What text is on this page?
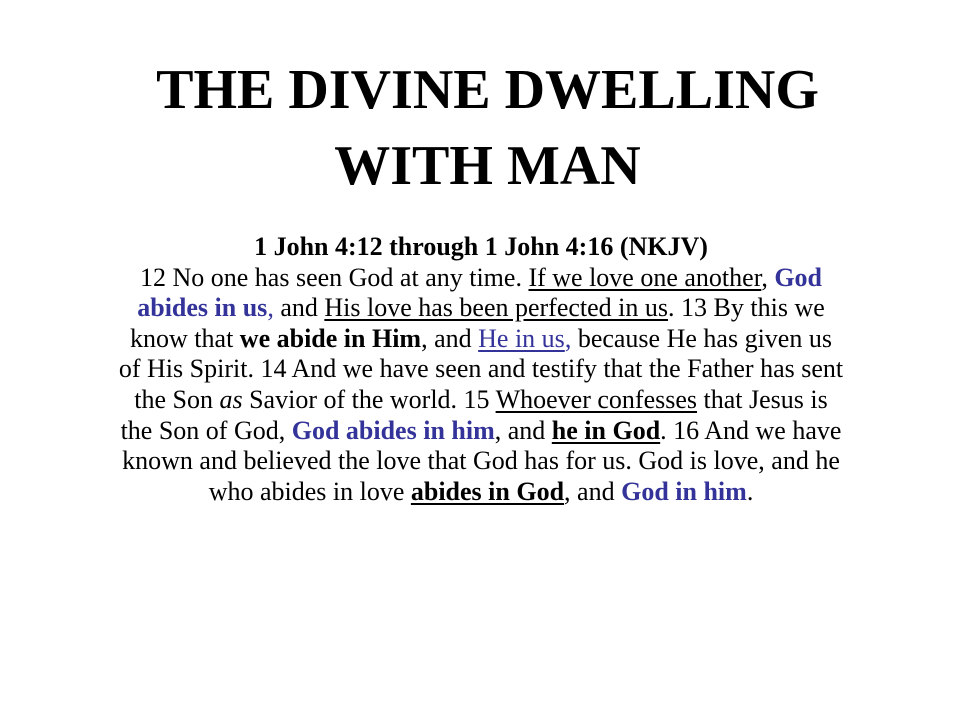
THE DIVINE DWELLING
WITH MAN
1 John 4:12 through 1 John 4:16 (NKJV)
12 No one has seen God at any time. If we love one another, God abides in us, and His love has been perfected in us. 13 By this we know that we abide in Him, and He in us, because He has given us of His Spirit. 14 And we have seen and testify that the Father has sent the Son as Savior of the world. 15 Whoever confesses that Jesus is the Son of God, God abides in him, and he in God. 16 And we have known and believed the love that God has for us. God is love, and he who abides in love abides in God, and God in him.
